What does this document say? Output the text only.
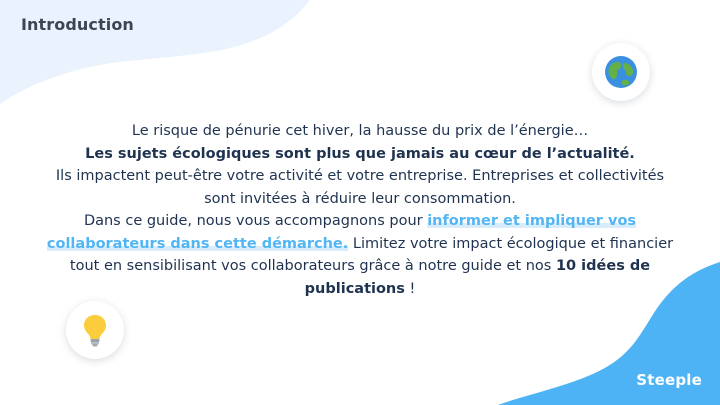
Introduction

Le risque de pénurie cet hiver, la hausse du prix de l’énergie…

Les sujets écologiques sont plus que jamais au cœur de l’actualité.

Ils impactent peut-être votre activité et votre entreprise. Entreprises et collectivités sont invitées à réduire leur consommation.

Dans ce guide, nous vous accompagnons pour informer et impliquer vos collaborateurs dans cette démarche. Limitez votre impact écologique et financier tout en sensibilisant vos collaborateurs grâce à notre guide et nos 10 idées de publications !

Steeple
